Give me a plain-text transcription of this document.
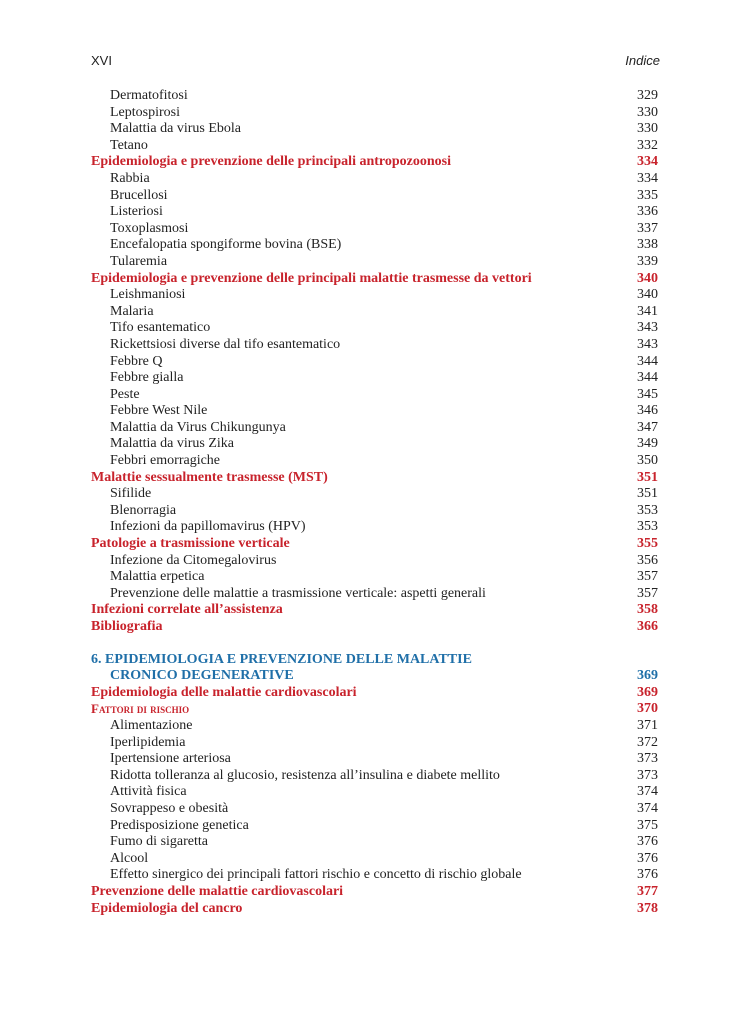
XVI	Indice
Dermatofitosi	329
Leptospirosi	330
Malattia da virus Ebola	330
Tetano	332
Epidemiologia e prevenzione delle principali antropozoonosi	334
Rabbia	334
Brucellosi	335
Listeriosi	336
Toxoplasmosi	337
Encefalopatia spongiforme bovina (BSE)	338
Tularemia	339
Epidemiologia e prevenzione delle principali malattie trasmesse da vettori	340
Leishmaniosi	340
Malaria	341
Tifo esantematico	343
Rickettsiosi diverse dal tifo esantematico	343
Febbre Q	344
Febbre gialla	344
Peste	345
Febbre West Nile	346
Malattia da Virus Chikungunya	347
Malattia da virus Zika	349
Febbri emorragiche	350
Malattie sessualmente trasmesse (MST)	351
Sifilide	351
Blenorragia	353
Infezioni da papillomavirus (HPV)	353
Patologie a trasmissione verticale	355
Infezione da Citomegalovirus	356
Malattia erpetica	357
Prevenzione delle malattie a trasmissione verticale: aspetti generali	357
Infezioni correlate all’assistenza	358
Bibliografia	366
6. EPIDEMIOLOGIA E PREVENZIONE DELLE MALATTIE
CRONICO DEGENERATIVE	369
Epidemiologia delle malattie cardiovascolari	369
Fattori di rischio	370
Alimentazione	371
Iperlipidemia	372
Ipertensione arteriosa	373
Ridotta tolleranza al glucosio, resistenza all’insulina e diabete mellito	373
Attività fisica	374
Sovrappeso e obesità	374
Predisposizione genetica	375
Fumo di sigaretta	376
Alcool	376
Effetto sinergico dei principali fattori rischio e concetto di rischio globale	376
Prevenzione delle malattie cardiovascolari	377
Epidemiologia del cancro	378
